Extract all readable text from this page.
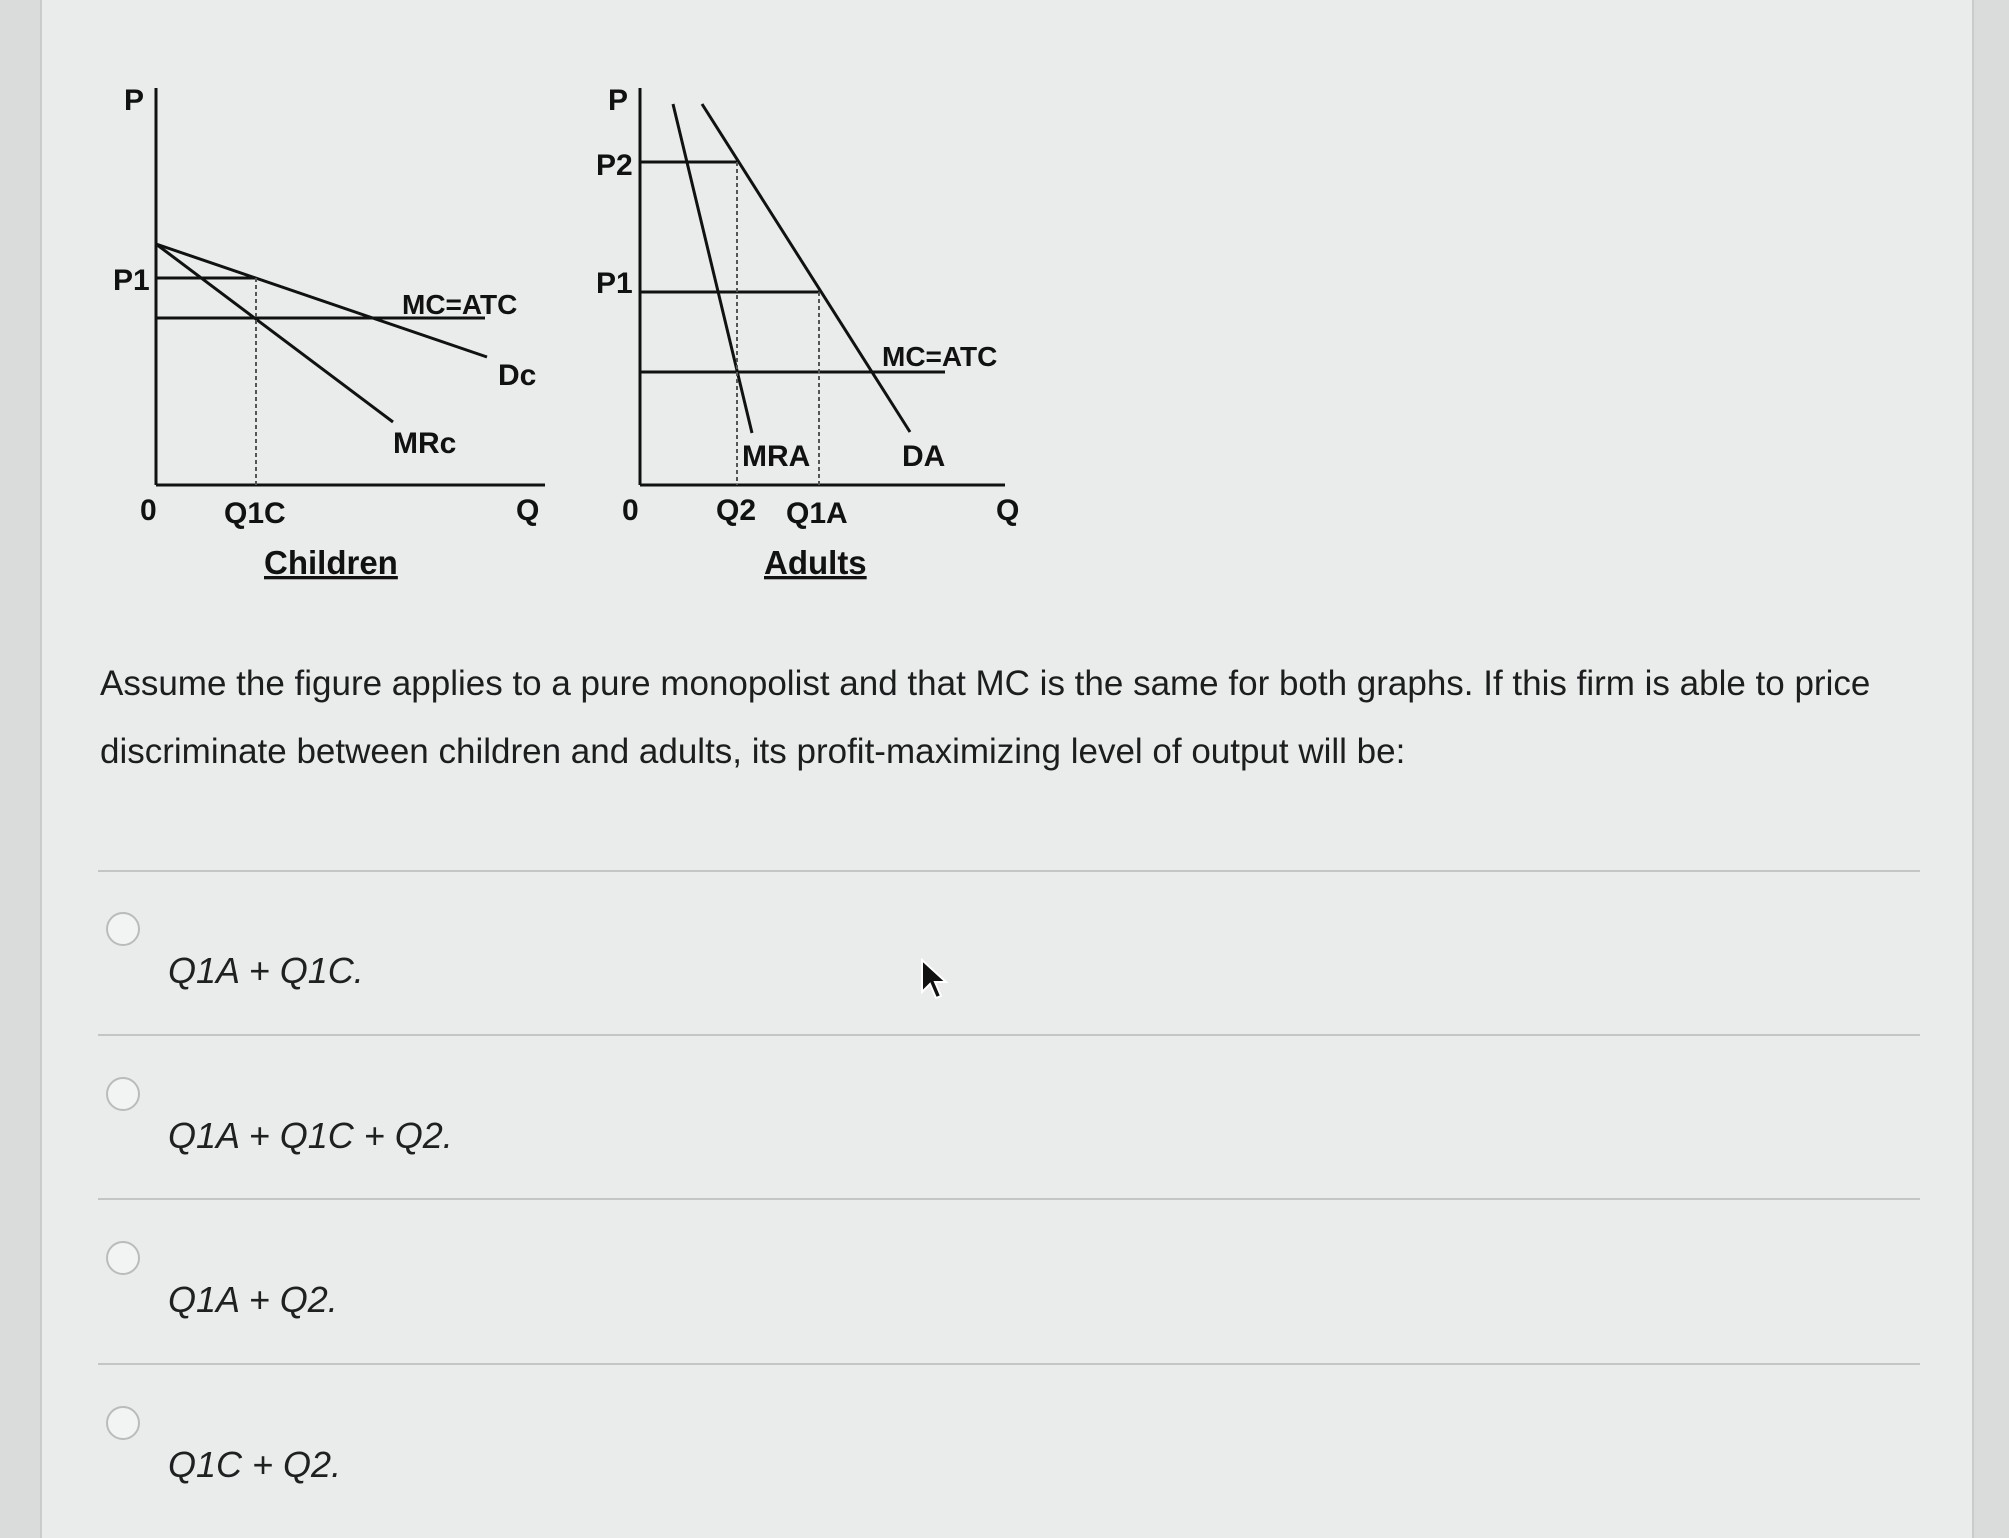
P
P1
MC=ATC
Dc
MRc
0 Q1C	Q
Children
P
P2
P1
MC=ATC
DA
MRA
0	Q2 Q1A	Q
Adults
Assume the figure applies to a pure monopolist and that MC is the same for both graphs. If this firm is able to price discriminate between children and adults, its profit-maximizing level of output will be:
Q1A + Q1C.
Q1A + Q1C + Q2.
Q1A + Q2.
Q1C + Q2.
